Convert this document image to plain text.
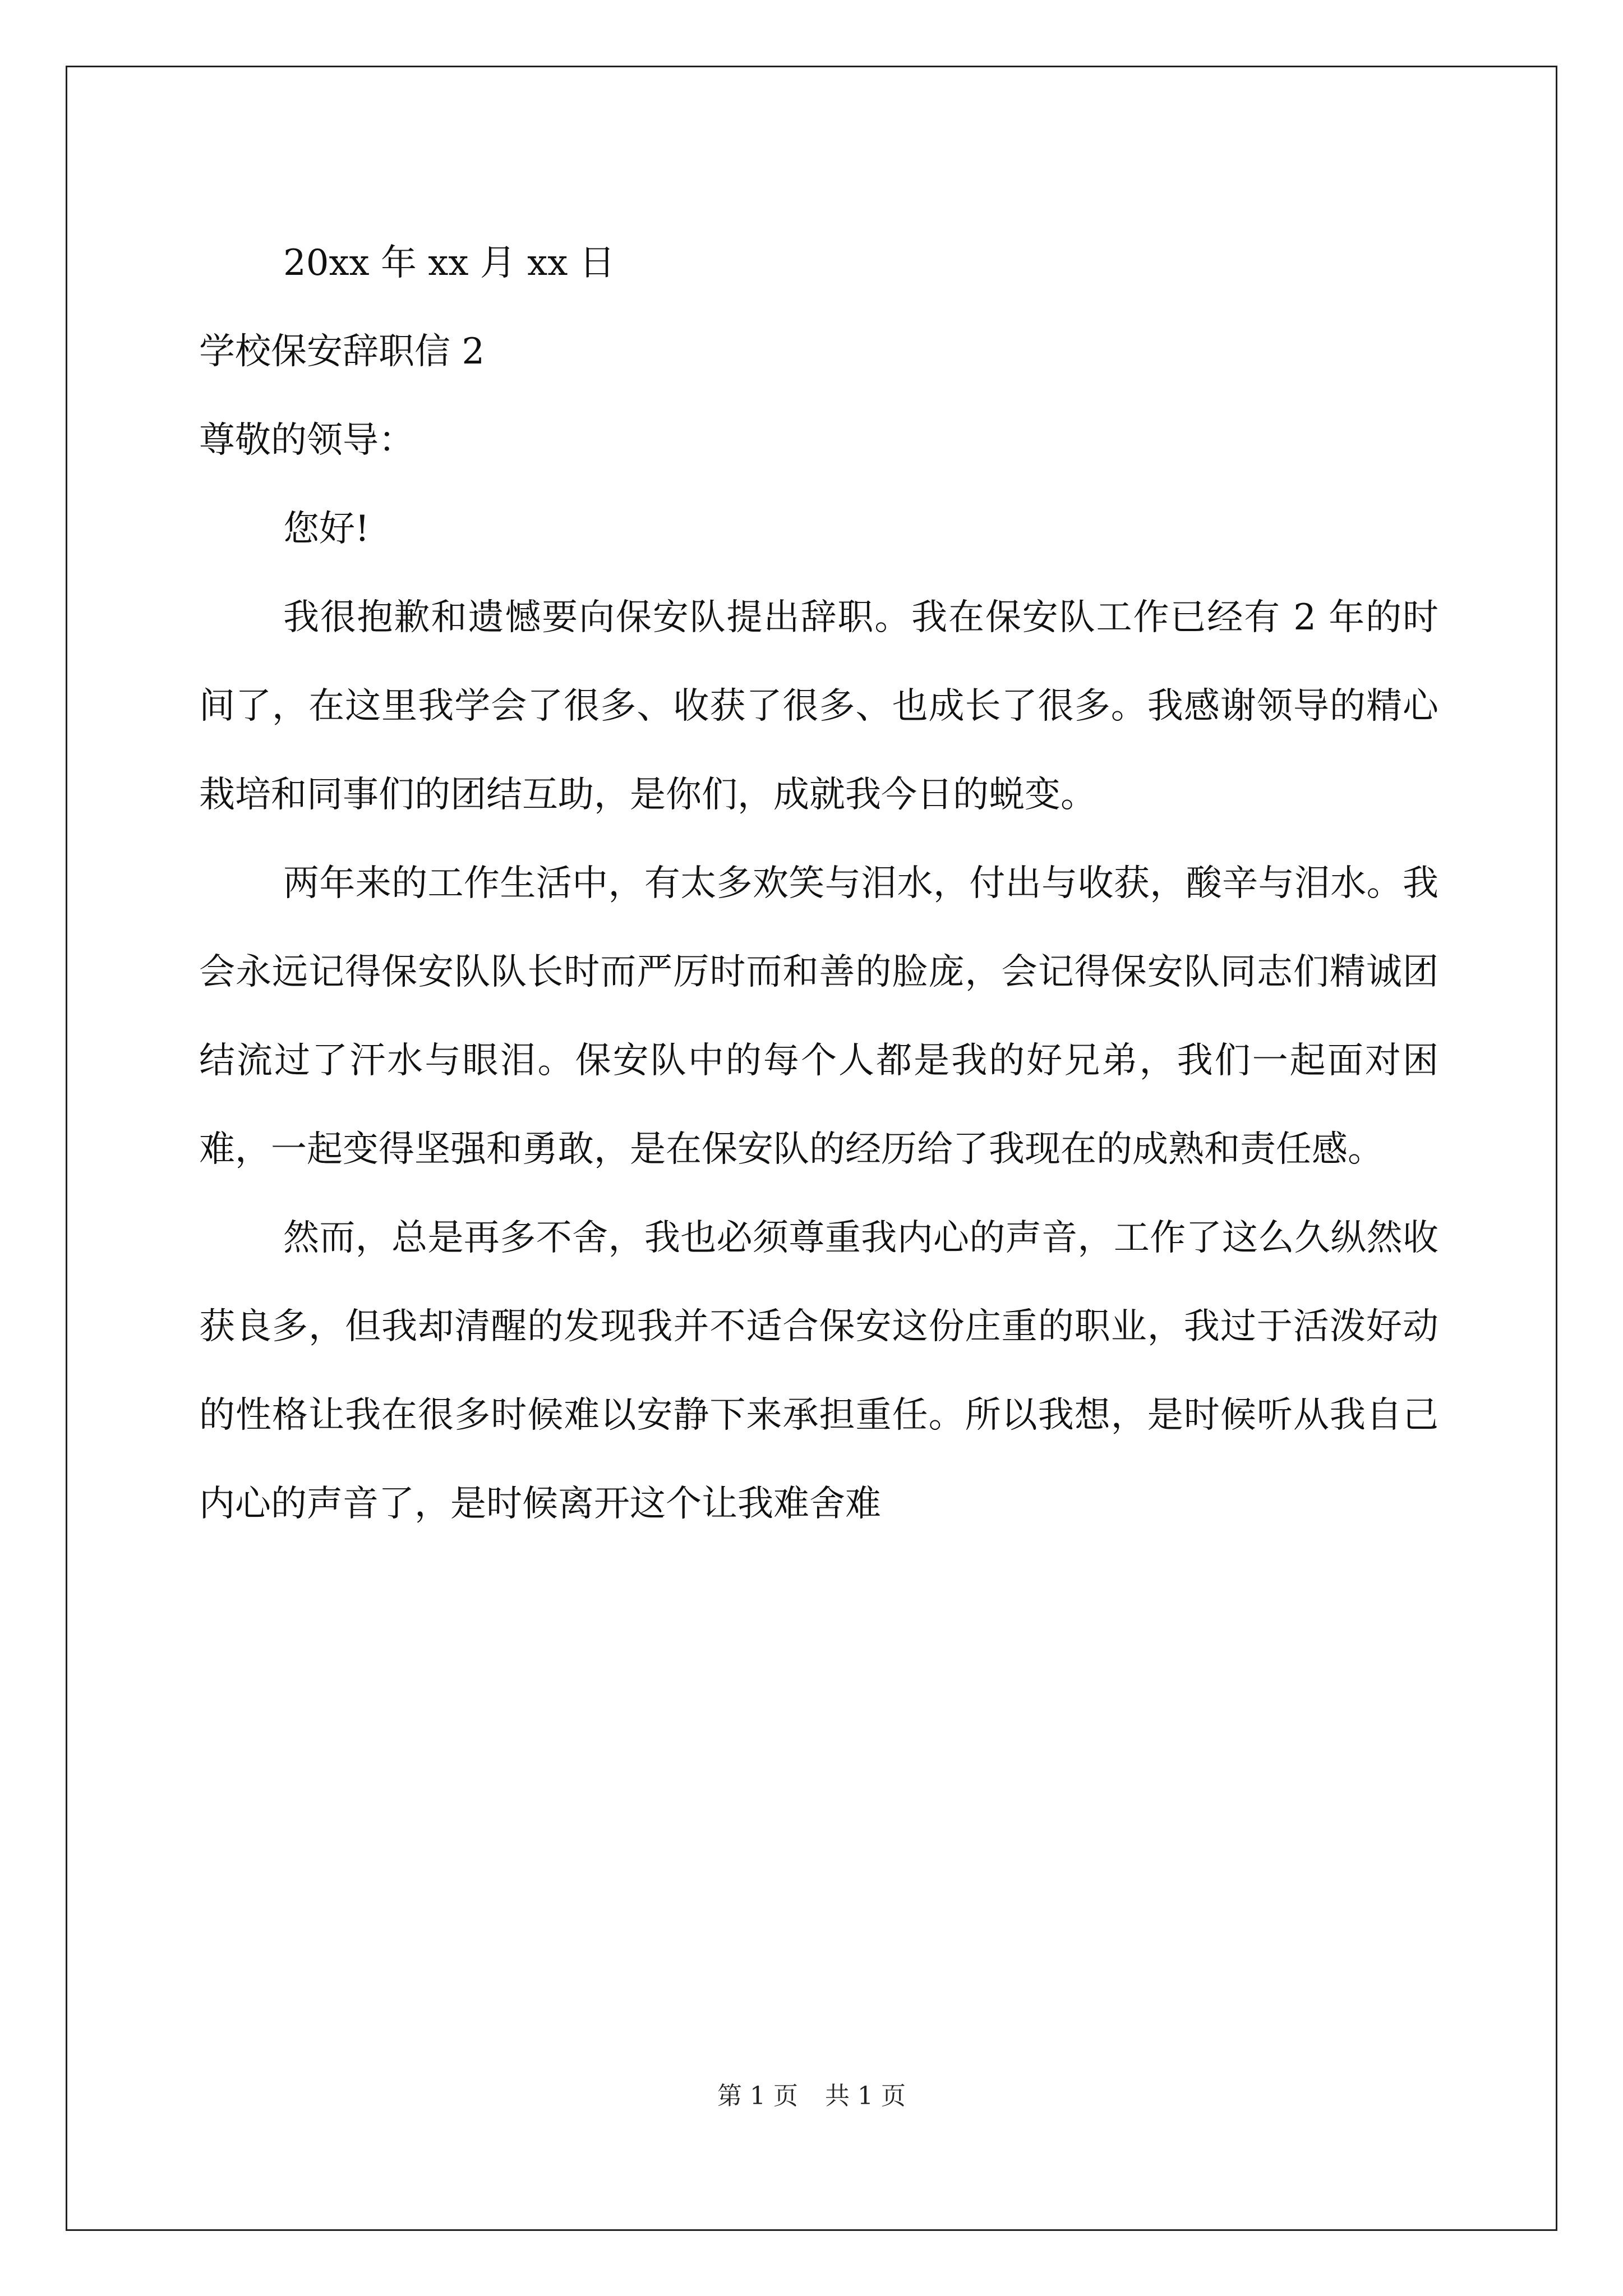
20xx 年 xx 月 xx 日
学校保安辞职信 2
尊敬的领导：
您好!

我很抱歉和遗憾要向保安队提出辞职。我在保安队工作已经有 2 年的时间了，在这里我学会了很多、收获了很多、也成长了很多。我感谢领导的精心栽培和同事们的团结互助，是你们，成就我今日的蜕变。

两年来的工作生活中，有太多欢笑与泪水，付出与收获，酸辛与泪水。我会永远记得保安队队长时而严厉时而和善的脸庞，会记得保安队同志们精诚团结流过了汗水与眼泪。保安队中的每个人都是我的好兄弟，我们一起面对困难，一起变得坚强和勇敢，是在保安队的经历给了我现在的成熟和责任感。

然而，总是再多不舍，我也必须尊重我内心的声音，工作了这么久纵然收获良多，但我却清醒的发现我并不适合保安这份庄重的职业，我过于活泼好动的性格让我在很多时候难以安静下来承担重任。所以我想，是时候听从我自己内心的声音了，是时候离开这个让我难舍难

第 1 页 共 1 页
